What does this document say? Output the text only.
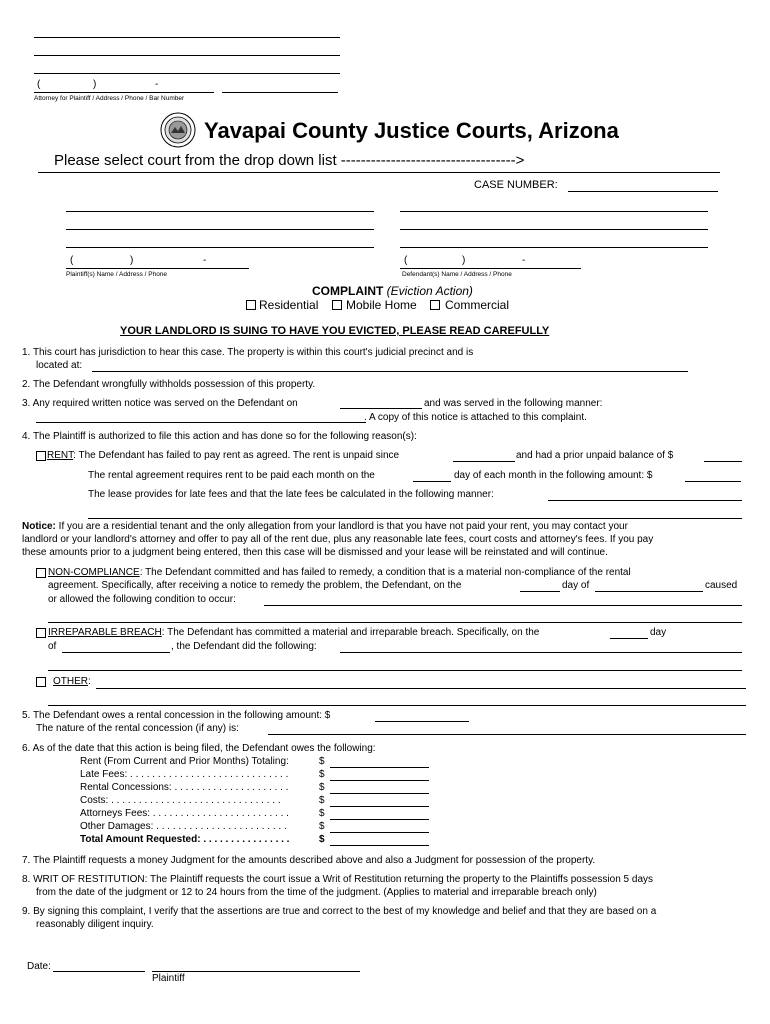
(	)	-
Attorney for Plaintiff / Address / Phone / Bar Number
Yavapai County Justice Courts, Arizona
Please select court from the drop down list ----------------------------------->
CASE NUMBER:
(	)	-
Plaintiff(s) Name / Address / Phone
(	)	-
Defendant(s) Name / Address / Phone
COMPLAINT (Eviction Action)
Residential Mobile Home Commercial
YOUR LANDLORD IS SUING TO HAVE YOU EVICTED, PLEASE READ CAREFULLY
1. This court has jurisdiction to hear this case. The property is within this court's judicial precinct and is
located at:
2. The Defendant wrongfully withholds possession of this property.
3. Any required written notice was served on the Defendant on	and was served in the following manner:
. A copy of this notice is attached to this complaint.
4. The Plaintiff is authorized to file this action and has done so for the following reason(s):
RENT: The Defendant has failed to pay rent as agreed. The rent is unpaid since	and had a prior unpaid balance of $
The rental agreement requires rent to be paid each month on the	day of each month in the following amount: $
The lease provides for late fees and that the late fees be calculated in the following manner:
Notice: If you are a residential tenant and the only allegation from your landlord is that you have not paid your rent, you may contact your
landlord or your landlord's attorney and offer to pay all of the rent due, plus any reasonable late fees, court costs and attorney's fees. If you pay
these amounts prior to a judgment being entered, then this case will be dismissed and your lease will be reinstated and will continue.
NON-COMPLIANCE: The Defendant committed and has failed to remedy, a condition that is a material non-compliance of the rental
agreement. Specifically, after receiving a notice to remedy the problem, the Defendant, on the	day of	caused
or allowed the following condition to occur:
IRREPARABLE BREACH: The Defendant has committed a material and irreparable breach. Specifically, on the	day
of	, the Defendant did the following:
OTHER:
5. The Defendant owes a rental concession in the following amount: $
The nature of the rental concession (if any) is:
6. As of the date that this action is being filed, the Defendant owes the following:
Rent (From Current and Prior Months) Totaling:	$
Late Fees: . . . . . . . . . . . . . . . . . . . . . . . . . . . . .	$
Rental Concessions: . . . . . . . . . . . . . . . . . . . . .	$
Costs: . . . . . . . . . . . . . . . . . . . . . . . . . . . . . . .	$
Attorneys Fees: . . . . . . . . . . . . . . . . . . . . . . . . .	$
Other Damages: . . . . . . . . . . . . . . . . . . . . . . . .	$
Total Amount Requested: . . . . . . . . . . . . . . . .	$
7. The Plaintiff requests a money Judgment for the amounts described above and also a Judgment for possession of the property.
8. WRIT OF RESTITUTION: The Plaintiff requests the court issue a Writ of Restitution returning the property to the Plaintiffs possession 5 days
from the date of the judgment or 12 to 24 hours from the time of the judgment. (Applies to material and irreparable breach only)
9. By signing this complaint, I verify that the assertions are true and correct to the best of my knowledge and belief and that they are based on a
reasonably diligent inquiry.
Date:
Plaintiff
